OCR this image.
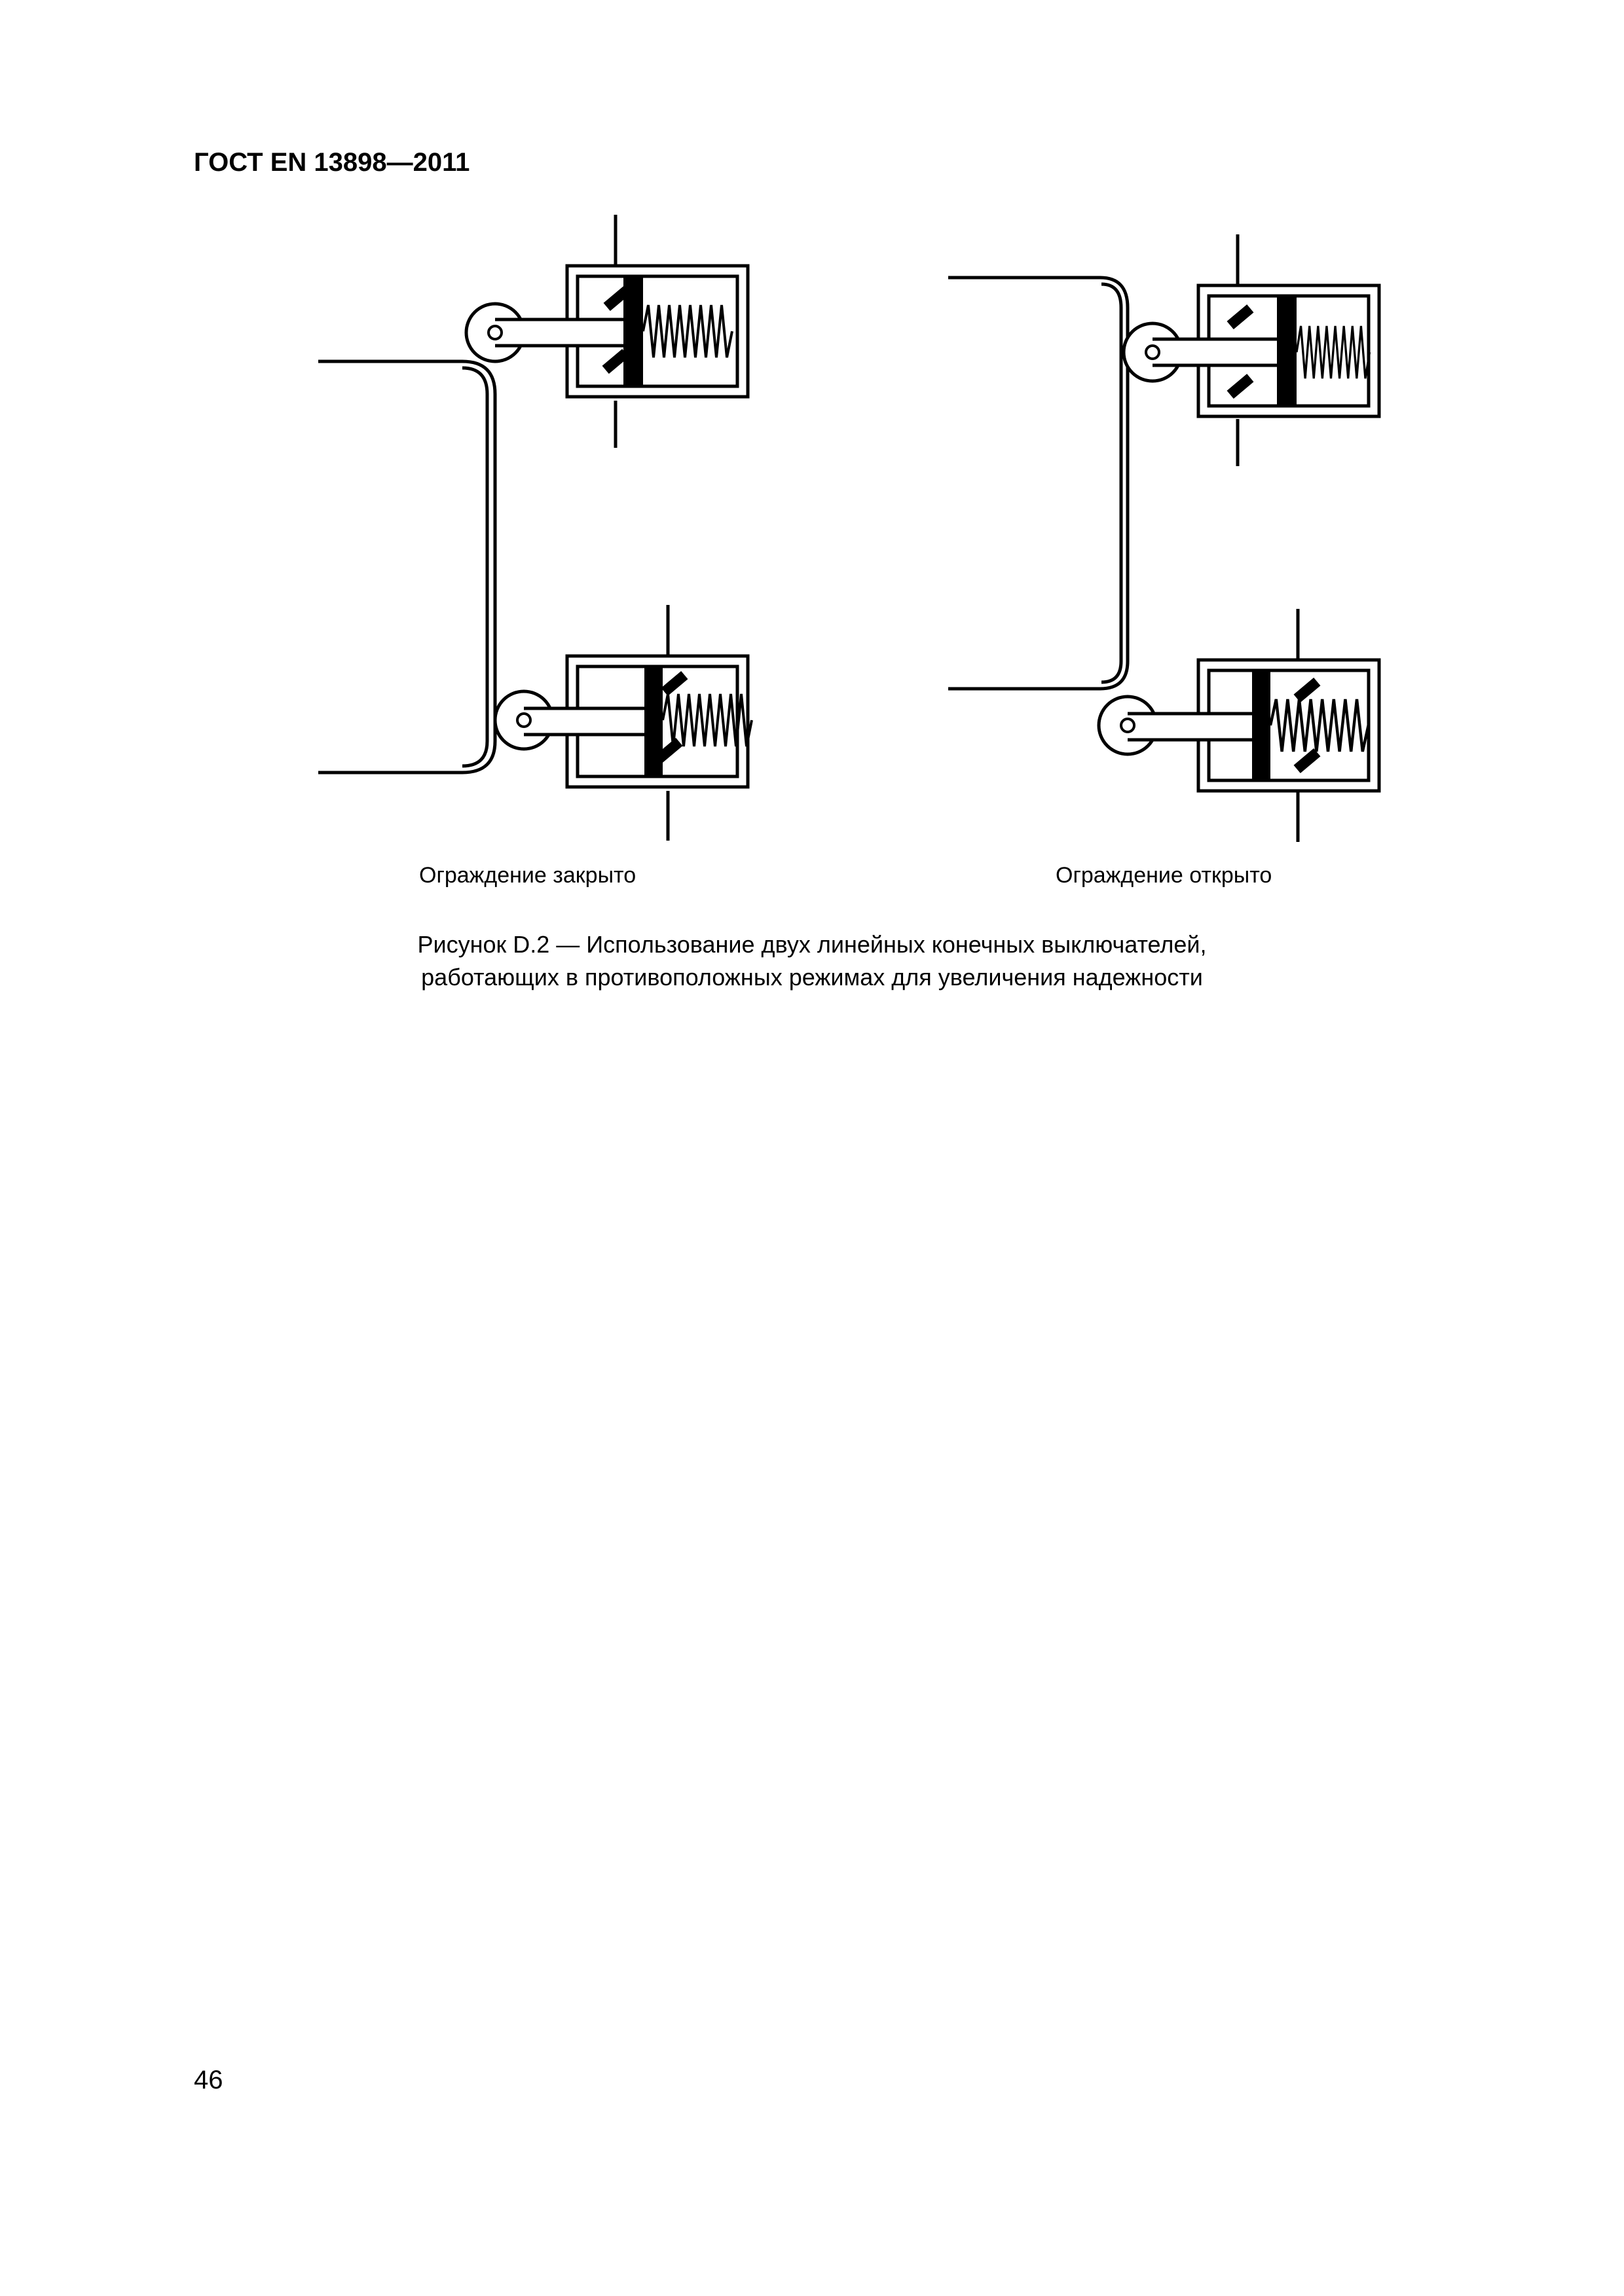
ГОСТ EN 13898—2011
Ограждение закрыто	Ограждение открыто
Рисунок D.2 — Использование двух линейных конечных выключателей,
работающих в противоположных режимах для увеличения надежности
46
